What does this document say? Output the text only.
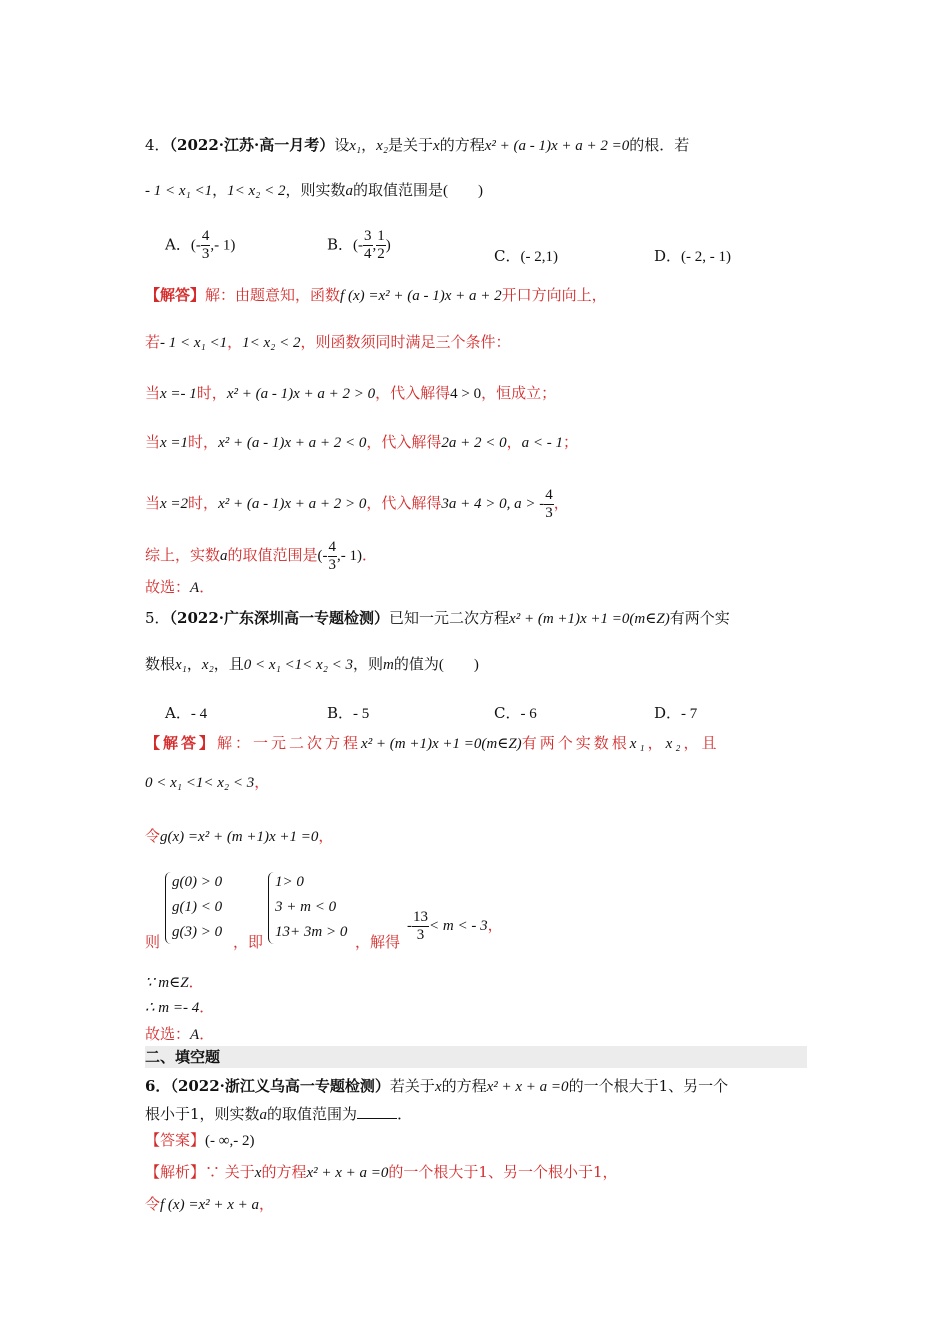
4．（2022·江苏·高一月考）设x₁，x₂是关于x的方程x² + (a - 1)x + a + 2 =0的根．若
- 1 < x₁ <1，1< x₂ < 2，则实数a的取值范围是(　　)
A．(- $\frac{4}{3}$ ,- 1)	B．(- $\frac{3}{4}$ , $\frac{1}{2}$ )
C．(- 2,1)	D．(- 2, - 1)
【解答】解：由题意知，函数f (x) =x² + (a - 1)x + a + 2开口方向向上，
若- 1 < x₁ <1，1< x₂ < 2，则函数须同时满足三个条件：
当x =- 1时，x² + (a - 1)x + a + 2 > 0，代入解得4 > 0，恒成立；
当x =1时，x² + (a - 1)x + a + 2 < 0，代入解得2a + 2 < 0，a < - 1；
当x =2时，x² + (a - 1)x + a + 2 > 0，代入解得3a + 4 > 0, a > - $\frac{4}{3}$ ，
综上，实数a的取值范围是(- $\frac{4}{3}$ ,- 1)．
故选：A．
5．（2022·广东深圳高一专题检测）已知一元二次方程x² + (m +1)x +1 =0(m∈Z)有两个实
数根x₁，x₂，且0 < x₁ <1< x₂ < 3，则m的值为(　　)
A．- 4	B．- 5	C．- 6	D．- 7
【解答】解：一元二次方程x² + (m +1)x +1 =0(m∈Z)有两个实数根x₁，x₂，且
0 < x₁ <1< x₂ < 3，
令g(x) =x² + (m +1)x +1 =0，
则
g(0) > 0
g(1) < 0
g(3) > 0
，即
1> 0
3 + m < 0
13+ 3m > 0
，解得
- $\frac{13}{3} < m$ < - 3，
∵ m∈Z．
∴ m =- 4．
故选：A．
二、填空题
6．（2022·浙江义乌高一专题检测）若关于x的方程x² + x + a =0的一个根大于1、另一个
根小于1，则实数a的取值范围为	．
【答案】(- ∞,- 2)
【解析】∵ 关于x的方程x² + x + a =0的一个根大于1、另一个根小于1，
令f (x) =x² + x + a，
